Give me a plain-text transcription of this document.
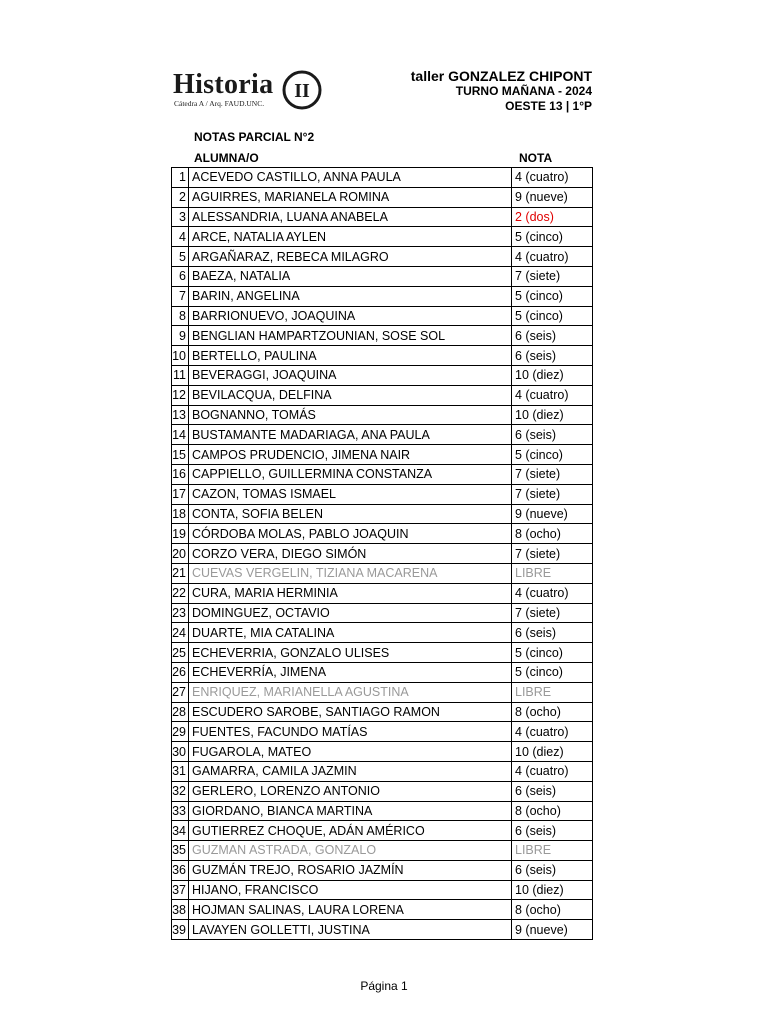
Historia
Cátedra A / Arq. FAUD.UNC.
II
taller GONZALEZ CHIPONT
TURNO MAÑANA - 2024
OESTE 13 | 1°P
NOTAS PARCIAL N°2
ALUMNA/O	NOTA
1	ACEVEDO CASTILLO, ANNA PAULA	4 (cuatro)
2	AGUIRRES, MARIANELA ROMINA	9 (nueve)
3	ALESSANDRIA, LUANA ANABELA	2 (dos)
4	ARCE, NATALIA AYLEN	5 (cinco)
5	ARGAÑARAZ, REBECA MILAGRO	4 (cuatro)
6	BAEZA, NATALIA	7 (siete)
7	BARIN, ANGELINA	5 (cinco)
8	BARRIONUEVO, JOAQUINA	5 (cinco)
9	BENGLIAN HAMPARTZOUNIAN, SOSE SOL	6 (seis)
10	BERTELLO, PAULINA	6 (seis)
11	BEVERAGGI, JOAQUINA	10 (diez)
12	BEVILACQUA, DELFINA	4 (cuatro)
13	BOGNANNO, TOMÁS	10 (diez)
14	BUSTAMANTE MADARIAGA, ANA PAULA	6 (seis)
15	CAMPOS PRUDENCIO, JIMENA NAIR	5 (cinco)
16	CAPPIELLO, GUILLERMINA CONSTANZA	7 (siete)
17	CAZON, TOMAS ISMAEL	7 (siete)
18	CONTA, SOFIA BELEN	9 (nueve)
19	CÓRDOBA MOLAS, PABLO JOAQUIN	8 (ocho)
20	CORZO VERA, DIEGO SIMÓN	7 (siete)
21	CUEVAS VERGELIN, TIZIANA MACARENA	LIBRE
22	CURA, MARIA HERMINIA	4 (cuatro)
23	DOMINGUEZ, OCTAVIO	7 (siete)
24	DUARTE, MIA CATALINA	6 (seis)
25	ECHEVERRIA, GONZALO ULISES	5 (cinco)
26	ECHEVERRÍA, JIMENA	5 (cinco)
27	ENRIQUEZ, MARIANELLA AGUSTINA	LIBRE
28	ESCUDERO SAROBE, SANTIAGO RAMON	8 (ocho)
29	FUENTES, FACUNDO MATÍAS	4 (cuatro)
30	FUGAROLA, MATEO	10 (diez)
31	GAMARRA, CAMILA JAZMIN	4 (cuatro)
32	GERLERO, LORENZO ANTONIO	6 (seis)
33	GIORDANO, BIANCA MARTINA	8 (ocho)
34	GUTIERREZ CHOQUE, ADÁN AMÉRICO	6 (seis)
35	GUZMAN ASTRADA, GONZALO	LIBRE
36	GUZMÁN TREJO, ROSARIO JAZMÍN	6 (seis)
37	HIJANO, FRANCISCO	10 (diez)
38	HOJMAN SALINAS, LAURA LORENA	8 (ocho)
39	LAVAYEN GOLLETTI, JUSTINA	9 (nueve)
Página 1
